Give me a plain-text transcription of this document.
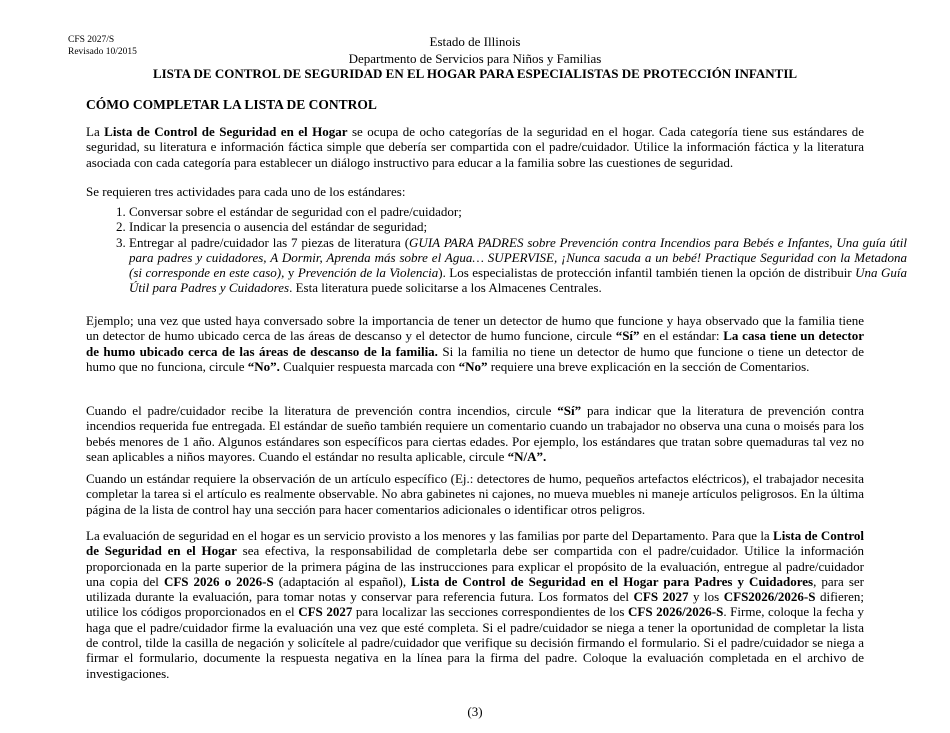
CFS 2027/S
Revisado 10/2015
Estado de Illinois
Departmento de Servicios para Niños y Familias
LISTA DE CONTROL DE SEGURIDAD EN EL HOGAR PARA ESPECIALISTAS DE PROTECCIÓN INFANTIL
CÓMO COMPLETAR LA LISTA DE CONTROL

La Lista de Control de Seguridad en el Hogar se ocupa de ocho categorías de la seguridad en el hogar. Cada categoría tiene sus estándares de seguridad, su literatura e información fáctica simple que debería ser compartida con el padre/cuidador. Utilice la información fáctica y la literatura asociada con cada categoría para establecer un diálogo instructivo para educar a la familia sobre las cuestiones de seguridad.

Se requieren tres actividades para cada uno de los estándares:

1. Conversar sobre el estándar de seguridad con el padre/cuidador;
2. Indicar la presencia o ausencia del estándar de seguridad;
3. Entregar al padre/cuidador las 7 piezas de literatura (GUIA PARA PADRES sobre Prevención contra Incendios para Bebés e Infantes, Una guía útil para padres y cuidadores, A Dormir, Aprenda más sobre el Agua… SUPERVISE, ¡Nunca sacuda a un bebé! Practique Seguridad con la Metadona (si corresponde en este caso), y Prevención de la Violencia). Los especialistas de protección infantil también tienen la opción de distribuir Una Guía Útil para Padres y Cuidadores. Esta literatura puede solicitarse a los Almacenes Centrales.

Ejemplo; una vez que usted haya conversado sobre la importancia de tener un detector de humo que funcione y haya observado que la familia tiene un detector de humo ubicado cerca de las áreas de descanso y el detector de humo funcione, circule “Sí” en el estándar: La casa tiene un detector de humo ubicado cerca de las áreas de descanso de la familia. Si la familia no tiene un detector de humo que funcione o tiene un detector de humo que no funciona, circule “No”. Cualquier respuesta marcada con “No” requiere una breve explicación en la sección de Comentarios.

Cuando el padre/cuidador recibe la literatura de prevención contra incendios, circule “Sí” para indicar que la literatura de prevención contra incendios requerida fue entregada. El estándar de sueño también requiere un comentario cuando un trabajador no observa una cuna o moisés para los bebés menores de 1 año. Algunos estándares son específicos para ciertas edades. Por ejemplo, los estándares que tratan sobre quemaduras tal vez no sean aplicables a niños mayores. Cuando el estándar no resulta aplicable, circule “N/A”.

Cuando un estándar requiere la observación de un artículo específico (Ej.: detectores de humo, pequeños artefactos eléctricos), el trabajador necesita completar la tarea si el artículo es realmente observable. No abra gabinetes ni cajones, no mueva muebles ni maneje artículos peligrosos. En la última página de la lista de control hay una sección para hacer comentarios adicionales o identificar otros peligros.

La evaluación de seguridad en el hogar es un servicio provisto a los menores y las familias por parte del Departamento. Para que la Lista de Control de Seguridad en el Hogar sea efectiva, la responsabilidad de completarla debe ser compartida con el padre/cuidador. Utilice la información proporcionada en la parte superior de la primera página de las instrucciones para explicar el propósito de la evaluación, entregue al padre/cuidador una copia del CFS 2026 o 2026-S (adaptación al español), Lista de Control de Seguridad en el Hogar para Padres y Cuidadores, para ser utilizada durante la evaluación, para tomar notas y conservar para referencia futura. Los formatos del CFS 2027 y los CFS2026/2026-S difieren; utilice los códigos proporcionados en el CFS 2027 para localizar las secciones correspondientes de los CFS 2026/2026-S. Firme, coloque la fecha y haga que el padre/cuidador firme la evaluación una vez que esté completa. Si el padre/cuidador se niega a tener la oportunidad de completar la lista de control, tilde la casilla de negación y solicítele al padre/cuidador que verifique su decisión firmando el formulario. Si el padre/cuidador se niega a firmar el formulario, documente la respuesta negativa en la línea para la firma del padre. Coloque la evaluación completada en el archivo de investigaciones.

(3)
